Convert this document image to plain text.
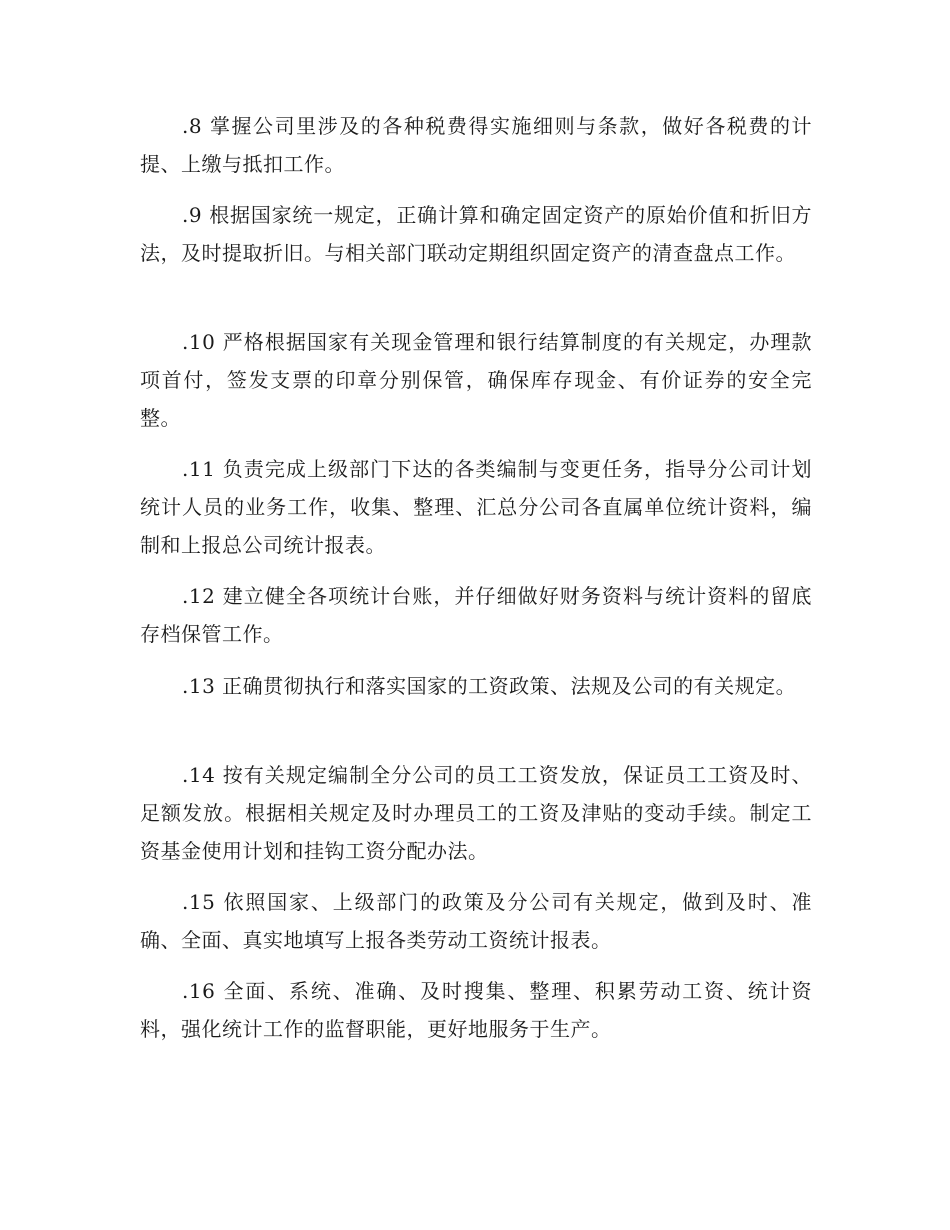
.8 掌握公司里涉及的各种税费得实施细则与条款，做好各税费的计提、上缴与抵扣工作。

.9 根据国家统一规定，正确计算和确定固定资产的原始价值和折旧方法，及时提取折旧。与相关部门联动定期组织固定资产的清查盘点工作。

.10 严格根据国家有关现金管理和银行结算制度的有关规定，办理款项首付，签发支票的印章分别保管，确保库存现金、有价证券的安全完整。

.11 负责完成上级部门下达的各类编制与变更任务，指导分公司计划统计人员的业务工作，收集、整理、汇总分公司各直属单位统计资料，编制和上报总公司统计报表。

.12 建立健全各项统计台账，并仔细做好财务资料与统计资料的留底存档保管工作。

.13 正确贯彻执行和落实国家的工资政策、法规及公司的有关规定。

.14 按有关规定编制全分公司的员工工资发放，保证员工工资及时、足额发放。根据相关规定及时办理员工的工资及津贴的变动手续。制定工资基金使用计划和挂钩工资分配办法。

.15 依照国家、上级部门的政策及分公司有关规定，做到及时、准确、全面、真实地填写上报各类劳动工资统计报表。

.16 全面、系统、准确、及时搜集、整理、积累劳动工资、统计资料，强化统计工作的监督职能，更好地服务于生产。
